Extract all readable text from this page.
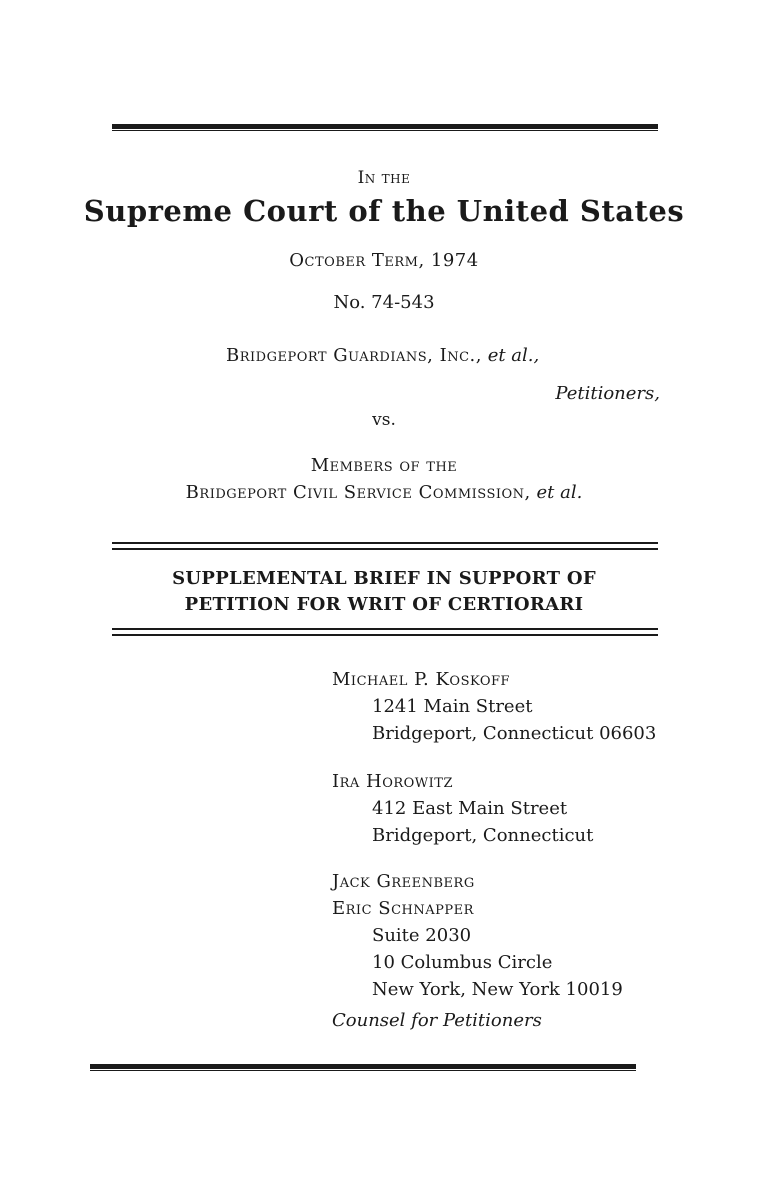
In the
Supreme Court of the United States
October Term, 1974
No. 74-543
Bridgeport Guardians, Inc., et al.,
Petitioners,
vs.
Members of the
Bridgeport Civil Service Commission, et al.
SUPPLEMENTAL BRIEF IN SUPPORT OF
PETITION FOR WRIT OF CERTIORARI
Michael P. Koskoff
1241 Main Street
Bridgeport, Connecticut 06603
Ira Horowitz
412 East Main Street
Bridgeport, Connecticut
Jack Greenberg
Eric Schnapper
Suite 2030
10 Columbus Circle
New York, New York 10019
Counsel for Petitioners
